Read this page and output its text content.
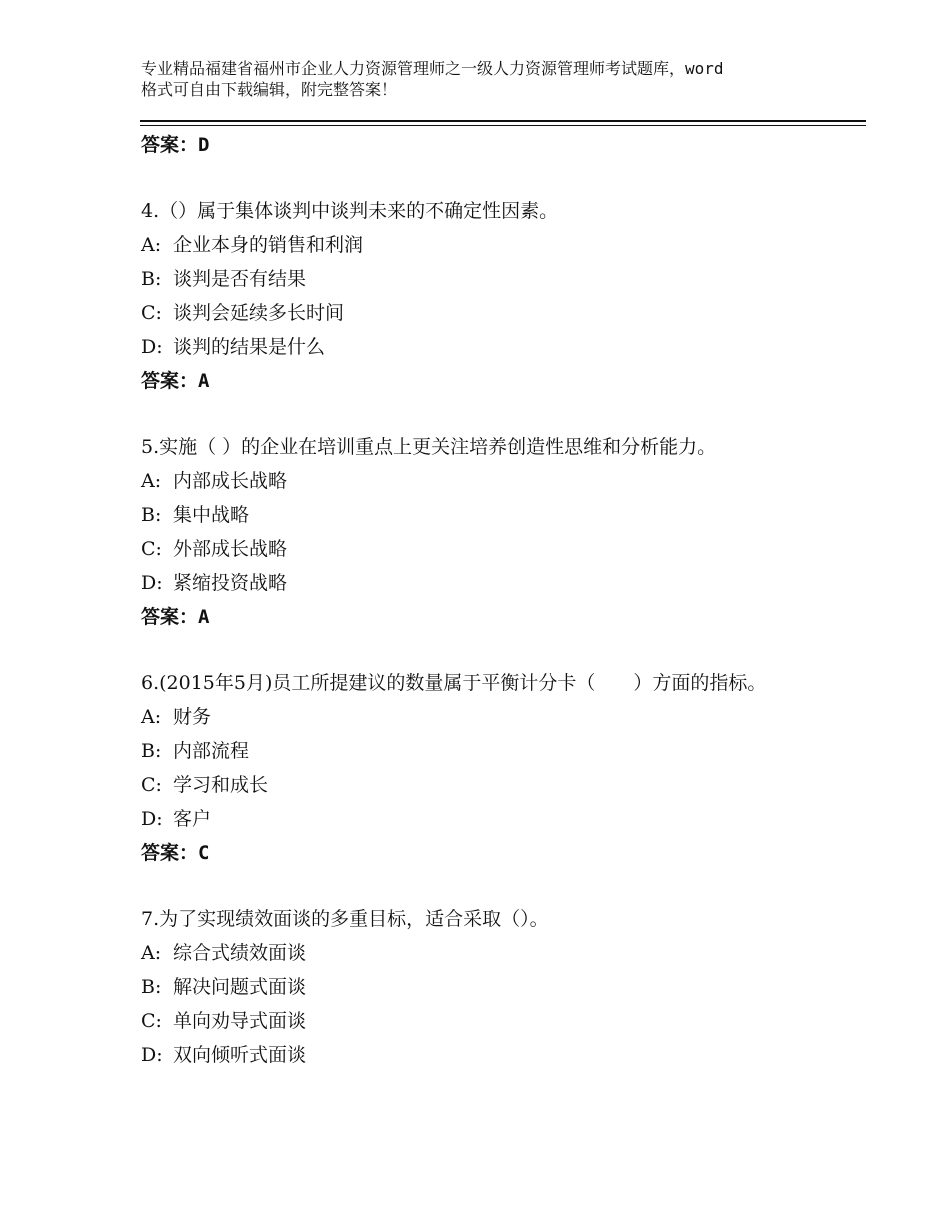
专业精品福建省福州市企业人力资源管理师之一级人力资源管理师考试题库，word
格式可自由下载编辑，附完整答案！
答案：D
4.（）属于集体谈判中谈判未来的不确定性因素。
A: 企业本身的销售和利润
B: 谈判是否有结果
C: 谈判会延续多长时间
D: 谈判的结果是什么
答案：A
5.实施（ ）的企业在培训重点上更关注培养创造性思维和分析能力。
A: 内部成长战略
B: 集中战略
C: 外部成长战略
D: 紧缩投资战略
答案：A
6.(2015年5月)员工所提建议的数量属于平衡计分卡（　　）方面的指标。
A: 财务
B: 内部流程
C: 学习和成长
D: 客户
答案：C
7.为了实现绩效面谈的多重目标，适合采取（）。
A: 综合式绩效面谈
B: 解决问题式面谈
C: 单向劝导式面谈
D: 双向倾听式面谈
